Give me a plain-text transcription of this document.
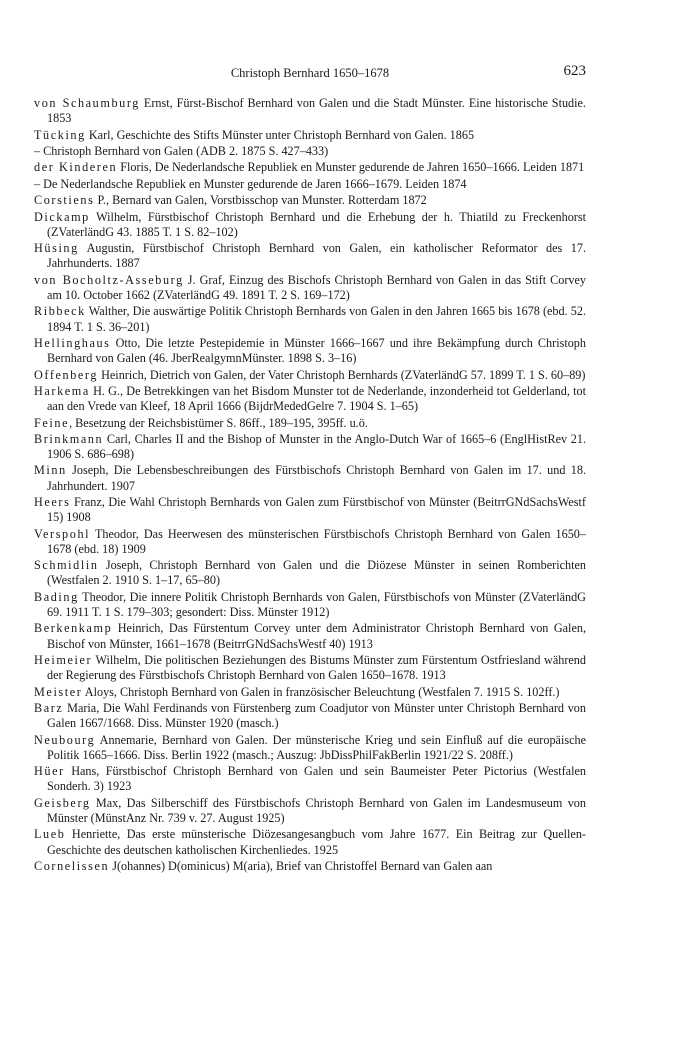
Christoph Bernhard 1650–1678	623

von Schaumburg Ernst, Fürst-Bischof Bernhard von Galen und die Stadt Münster. Eine historische Studie. 1853

Tücking Karl, Geschichte des Stifts Münster unter Christoph Bernhard von Galen. 1865

– Christoph Bernhard von Galen (ADB 2. 1875 S. 427–433)

der Kinderen Floris, De Nederlandsche Republiek en Munster gedurende de Jahren 1650–1666. Leiden 1871

– De Nederlandsche Republiek en Munster gedurende de Jaren 1666–1679. Leiden 1874

Corstiens P., Bernard van Galen, Vorstbisschop van Munster. Rotterdam 1872

Dickamp Wilhelm, Fürstbischof Christoph Bernhard und die Erhebung der h. Thiatild zu Freckenhorst (ZVaterländG 43. 1885 T. 1 S. 82–102)

Hüsing Augustin, Fürstbischof Christoph Bernhard von Galen, ein katholischer Reformator des 17. Jahrhunderts. 1887

von Bocholtz-Asseburg J. Graf, Einzug des Bischofs Christoph Bernhard von Galen in das Stift Corvey am 10. October 1662 (ZVaterländG 49. 1891 T. 2 S. 169–172)

Ribbeck Walther, Die auswärtige Politik Christoph Bernhards von Galen in den Jahren 1665 bis 1678 (ebd. 52. 1894 T. 1 S. 36–201)

Hellinghaus Otto, Die letzte Pestepidemie in Münster 1666–1667 und ihre Bekämpfung durch Christoph Bernhard von Galen (46. JberRealgymnMünster. 1898 S. 3–16)

Offenberg Heinrich, Dietrich von Galen, der Vater Christoph Bernhards (ZVaterländG 57. 1899 T. 1 S. 60–89)

Harkema H. G., De Betrekkingen van het Bisdom Munster tot de Nederlande, inzonderheid tot Gelderland, tot aan den Vrede van Kleef, 18 April 1666 (BijdrMededGelre 7. 1904 S. 1–65)

Feine, Besetzung der Reichsbistümer S. 86ff., 189–195, 395ff. u.ö.

Brinkmann Carl, Charles II and the Bishop of Munster in the Anglo-Dutch War of 1665–6 (EnglHistRev 21. 1906 S. 686–698)

Minn Joseph, Die Lebensbeschreibungen des Fürstbischofs Christoph Bernhard von Galen im 17. und 18. Jahrhundert. 1907

Heers Franz, Die Wahl Christoph Bernhards von Galen zum Fürstbischof von Münster (BeitrrGNdSachsWestf 15) 1908

Verspohl Theodor, Das Heerwesen des münsterischen Fürstbischofs Christoph Bernhard von Galen 1650–1678 (ebd. 18) 1909

Schmidlin Joseph, Christoph Bernhard von Galen und die Diözese Münster in seinen Romberichten (Westfalen 2. 1910 S. 1–17, 65–80)

Bading Theodor, Die innere Politik Christoph Bernhards von Galen, Fürstbischofs von Münster (ZVaterländG 69. 1911 T. 1 S. 179–303; gesondert: Diss. Münster 1912)

Berkenkamp Heinrich, Das Fürstentum Corvey unter dem Administrator Christoph Bernhard von Galen, Bischof von Münster, 1661–1678 (BeitrrGNdSachsWestf 40) 1913

Heimeier Wilhelm, Die politischen Beziehungen des Bistums Münster zum Fürstentum Ostfriesland während der Regierung des Fürstbischofs Christoph Bernhard von Galen 1650–1678. 1913

Meister Aloys, Christoph Bernhard von Galen in französischer Beleuchtung (Westfalen 7. 1915 S. 102ff.)

Barz Maria, Die Wahl Ferdinands von Fürstenberg zum Coadjutor von Münster unter Christoph Bernhard von Galen 1667/1668. Diss. Münster 1920 (masch.)

Neubourg Annemarie, Bernhard von Galen. Der münsterische Krieg und sein Einfluß auf die europäische Politik 1665–1666. Diss. Berlin 1922 (masch.; Auszug: JbDissPhilFakBerlin 1921/22 S. 208ff.)

Hüer Hans, Fürstbischof Christoph Bernhard von Galen und sein Baumeister Peter Pictorius (Westfalen Sonderh. 3) 1923

Geisberg Max, Das Silberschiff des Fürstbischofs Christoph Bernhard von Galen im Landesmuseum von Münster (MünstAnz Nr. 739 v. 27. August 1925)

Lueb Henriette, Das erste münsterische Diözesangesangbuch vom Jahre 1677. Ein Beitrag zur Quellen-Geschichte des deutschen katholischen Kirchenliedes. 1925

Cornelissen J(ohannes) D(ominicus) M(aria), Brief van Christoffel Bernard van Galen aan
